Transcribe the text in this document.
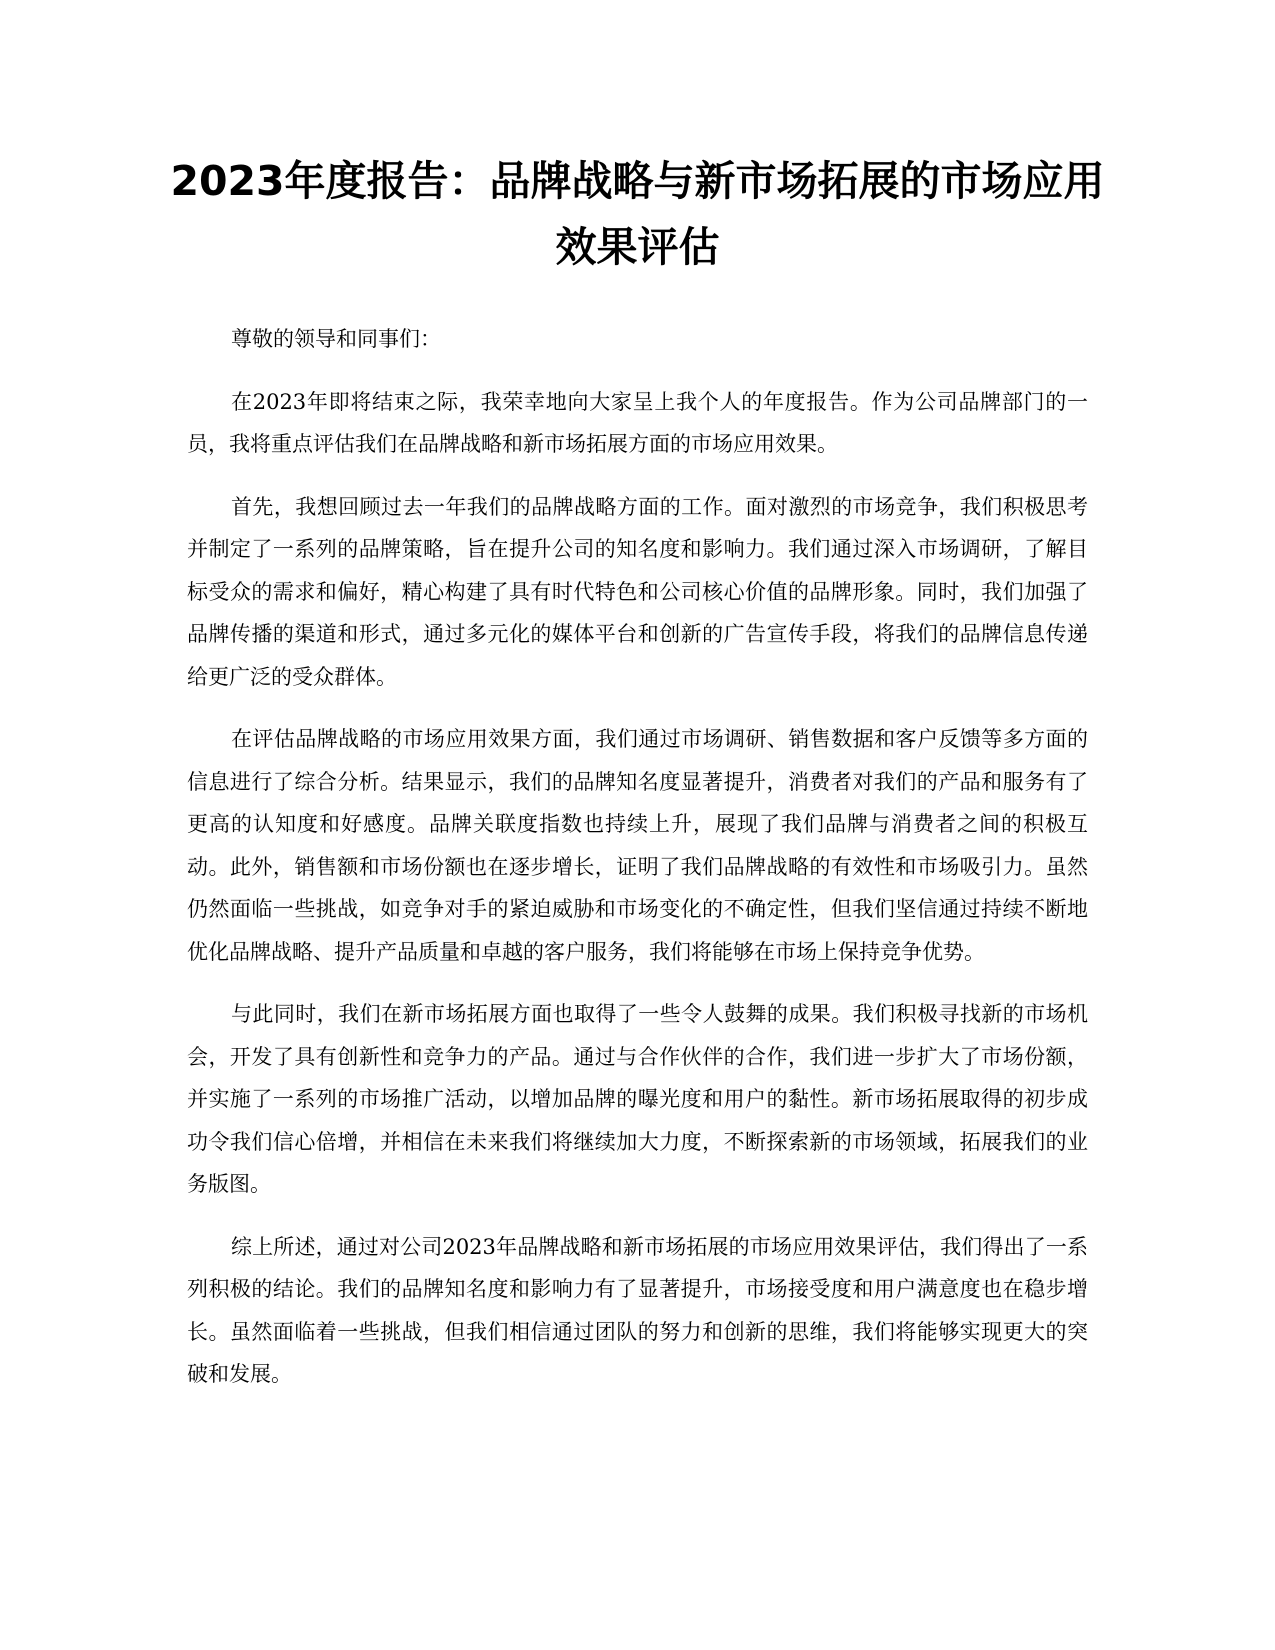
2023年度报告：品牌战略与新市场拓展的市场应用效果评估

尊敬的领导和同事们：

在2023年即将结束之际，我荣幸地向大家呈上我个人的年度报告。作为公司品牌部门的一员，我将重点评估我们在品牌战略和新市场拓展方面的市场应用效果。

首先，我想回顾过去一年我们的品牌战略方面的工作。面对激烈的市场竞争，我们积极思考并制定了一系列的品牌策略，旨在提升公司的知名度和影响力。我们通过深入市场调研，了解目标受众的需求和偏好，精心构建了具有时代特色和公司核心价值的品牌形象。同时，我们加强了品牌传播的渠道和形式，通过多元化的媒体平台和创新的广告宣传手段，将我们的品牌信息传递给更广泛的受众群体。

在评估品牌战略的市场应用效果方面，我们通过市场调研、销售数据和客户反馈等多方面的信息进行了综合分析。结果显示，我们的品牌知名度显著提升，消费者对我们的产品和服务有了更高的认知度和好感度。品牌关联度指数也持续上升，展现了我们品牌与消费者之间的积极互动。此外，销售额和市场份额也在逐步增长，证明了我们品牌战略的有效性和市场吸引力。虽然仍然面临一些挑战，如竞争对手的紧迫威胁和市场变化的不确定性，但我们坚信通过持续不断地优化品牌战略、提升产品质量和卓越的客户服务，我们将能够在市场上保持竞争优势。

与此同时，我们在新市场拓展方面也取得了一些令人鼓舞的成果。我们积极寻找新的市场机会，开发了具有创新性和竞争力的产品。通过与合作伙伴的合作，我们进一步扩大了市场份额，并实施了一系列的市场推广活动，以增加品牌的曝光度和用户的黏性。新市场拓展取得的初步成功令我们信心倍增，并相信在未来我们将继续加大力度，不断探索新的市场领域，拓展我们的业务版图。

综上所述，通过对公司2023年品牌战略和新市场拓展的市场应用效果评估，我们得出了一系列积极的结论。我们的品牌知名度和影响力有了显著提升，市场接受度和用户满意度也在稳步增长。虽然面临着一些挑战，但我们相信通过团队的努力和创新的思维，我们将能够实现更大的突破和发展。
